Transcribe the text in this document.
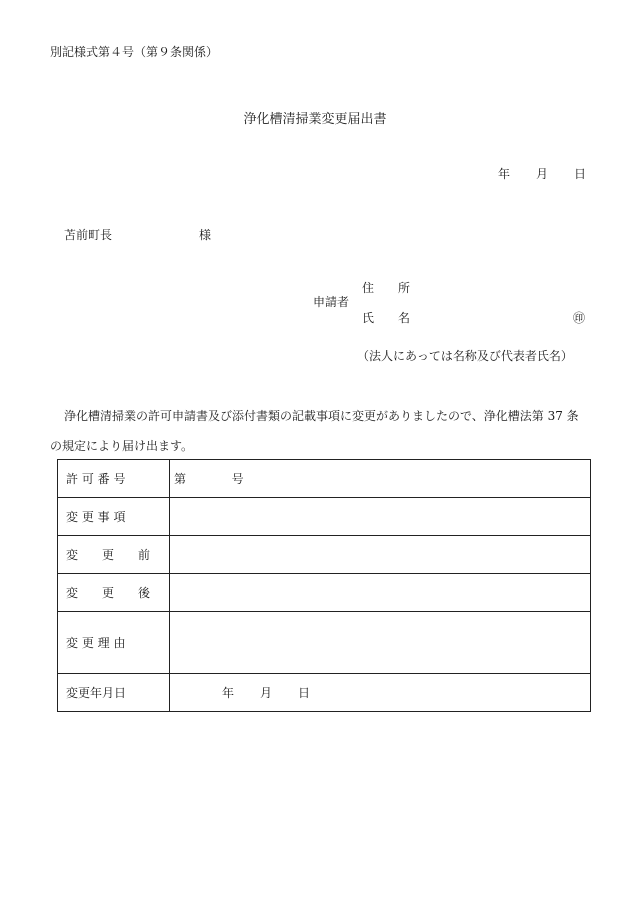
別記様式第４号（第９条関係）
浄化槽清掃業変更届出書
年 月 日
苫前町長	様
申請者
住所
氏名	㊞
（法人にあっては名称及び代表者氏名）
浄化槽清掃業の許可申請書及び添付書類の記載事項に変更がありましたので、浄化槽法第 37 条
の規定により届け出ます。
許 可 番 号	第 号
変 更 事 項	
変　　更　　前	
変　　更　　後	
変 更 理 由	
変更年月日	年 月 日
